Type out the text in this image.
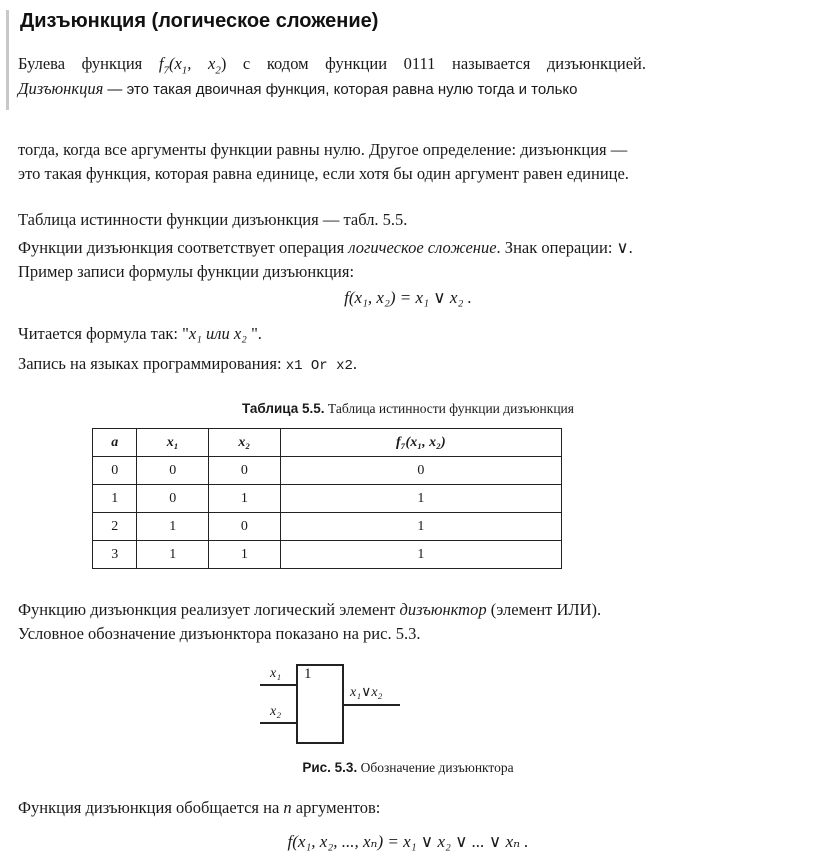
Дизъюнкция (логическое сложение)
Булева функция $f_7(x_1$, $x_2$) с кодом функции 0111 называется дизъюнкцией.
Дизъюнкция — это такая двоичная функция, которая равна нулю тогда и только
тогда, когда все аргументы функции равны нулю. Другое определение: дизъюнкция — это такая функция, которая равна единице, если хотя бы один аргумент равен единице.
Таблица истинности функции дизъюнкция — табл. 5.5.
Функции дизъюнкция соответствует операция логическое сложение. Знак операции: ∨. Пример записи формулы функции дизъюнкция:
f(x₁, x₂) = x₁ ∨ x₂ .
Читается формула так: "x₁ или x₂ ".
Запись на языках программирования: x1 Or x2.
Таблица 5.5. Таблица истинности функции дизъюнкция
a	x₁	x₂	f₇(x₁, x₂)
0	0	0	0
1	0	1	1
2	1	0	1
3	1	1	1
Функцию дизъюнкция реализует логический элемент дизъюнктор (элемент ИЛИ). Условное обозначение дизъюнктора показано на рис. 5.3.
1
x₁
x₂
x₁∨x₂
Рис. 5.3. Обозначение дизъюнктора
Функция дизъюнкция обобщается на n аргументов:
f(x₁, x₂, ..., xₙ) = x₁ ∨ x₂ ∨ ... ∨ xₙ .
